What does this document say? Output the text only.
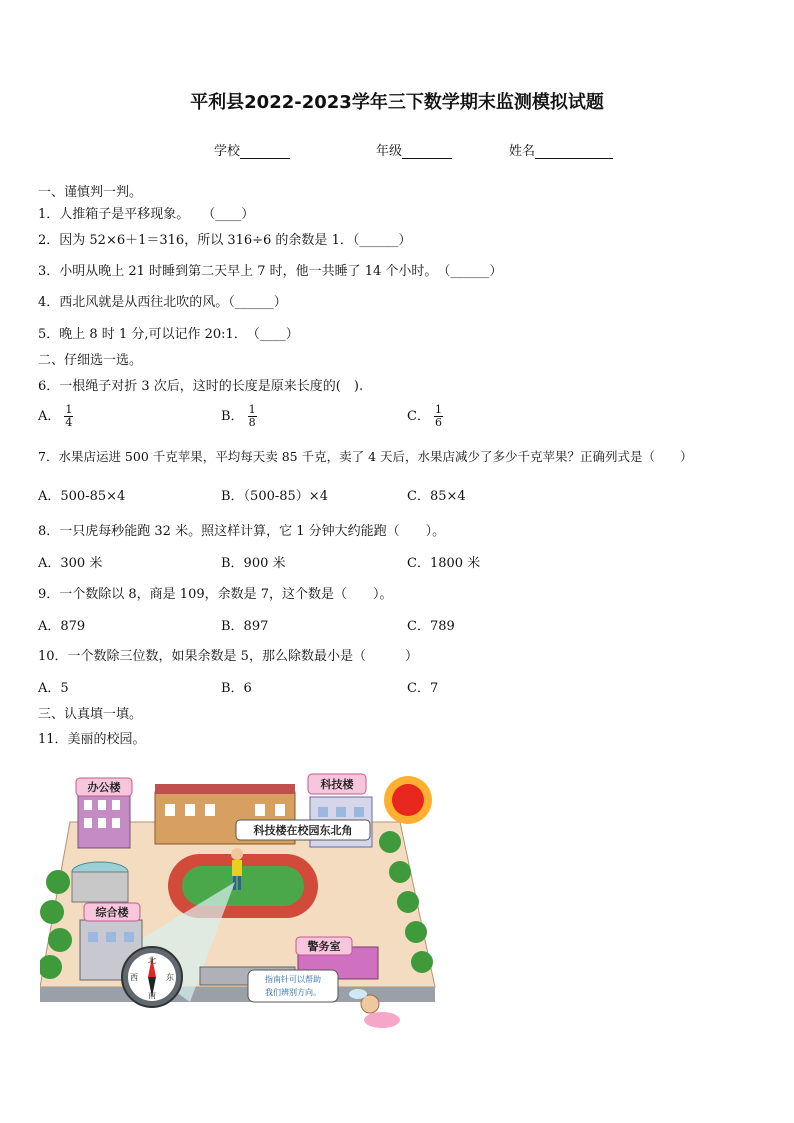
平利县2022-2023学年三下数学期末监测模拟试题
学校	年级	姓名
一、谨慎判一判。
1．人推箱子是平移现象。　　（____）
2．因为 52×6＋1＝316，所以 316÷6 的余数是 1．（______）
3．小明从晚上 21 时睡到第二天早上 7 时，他一共睡了 14 个小时。　（______）
4．西北风就是从西往北吹的风。（______）
5．晚上 8 时 1 分,可以记作 20:1．　（____）
二、仔细选一选。
6．一根绳子对折 3 次后，这时的长度是原来长度的(　).
A． $\frac{1}{4}$	B． $\frac{1}{8}$	C． $\frac{1}{6}$
7．水果店运进 500 千克苹果，平均每天卖 85 千克，卖了 4 天后，水果店减少了多少千克苹果？正确列式是（　　）
A．500-85×4	B．（500-85）×4	C．85×4
8．一只虎每秒能跑 32 米。照这样计算，它 1 分钟大约能跑（　　）。
A．300 米	B．900 米	C．1800 米
9．一个数除以 8，商是 109，余数是 7，这个数是（　　）。
A．879	B．897	C．789
10．一个数除三位数，如果余数是 5，那么除数最小是（　　　）
A．5	B．6	C．7
三、认真填一填。
11．美丽的校园。
办公楼	科技楼
科技楼在校园东北角
综合楼
警务室
北
南
东
西	指南针可以帮助
我们辨别方向。
